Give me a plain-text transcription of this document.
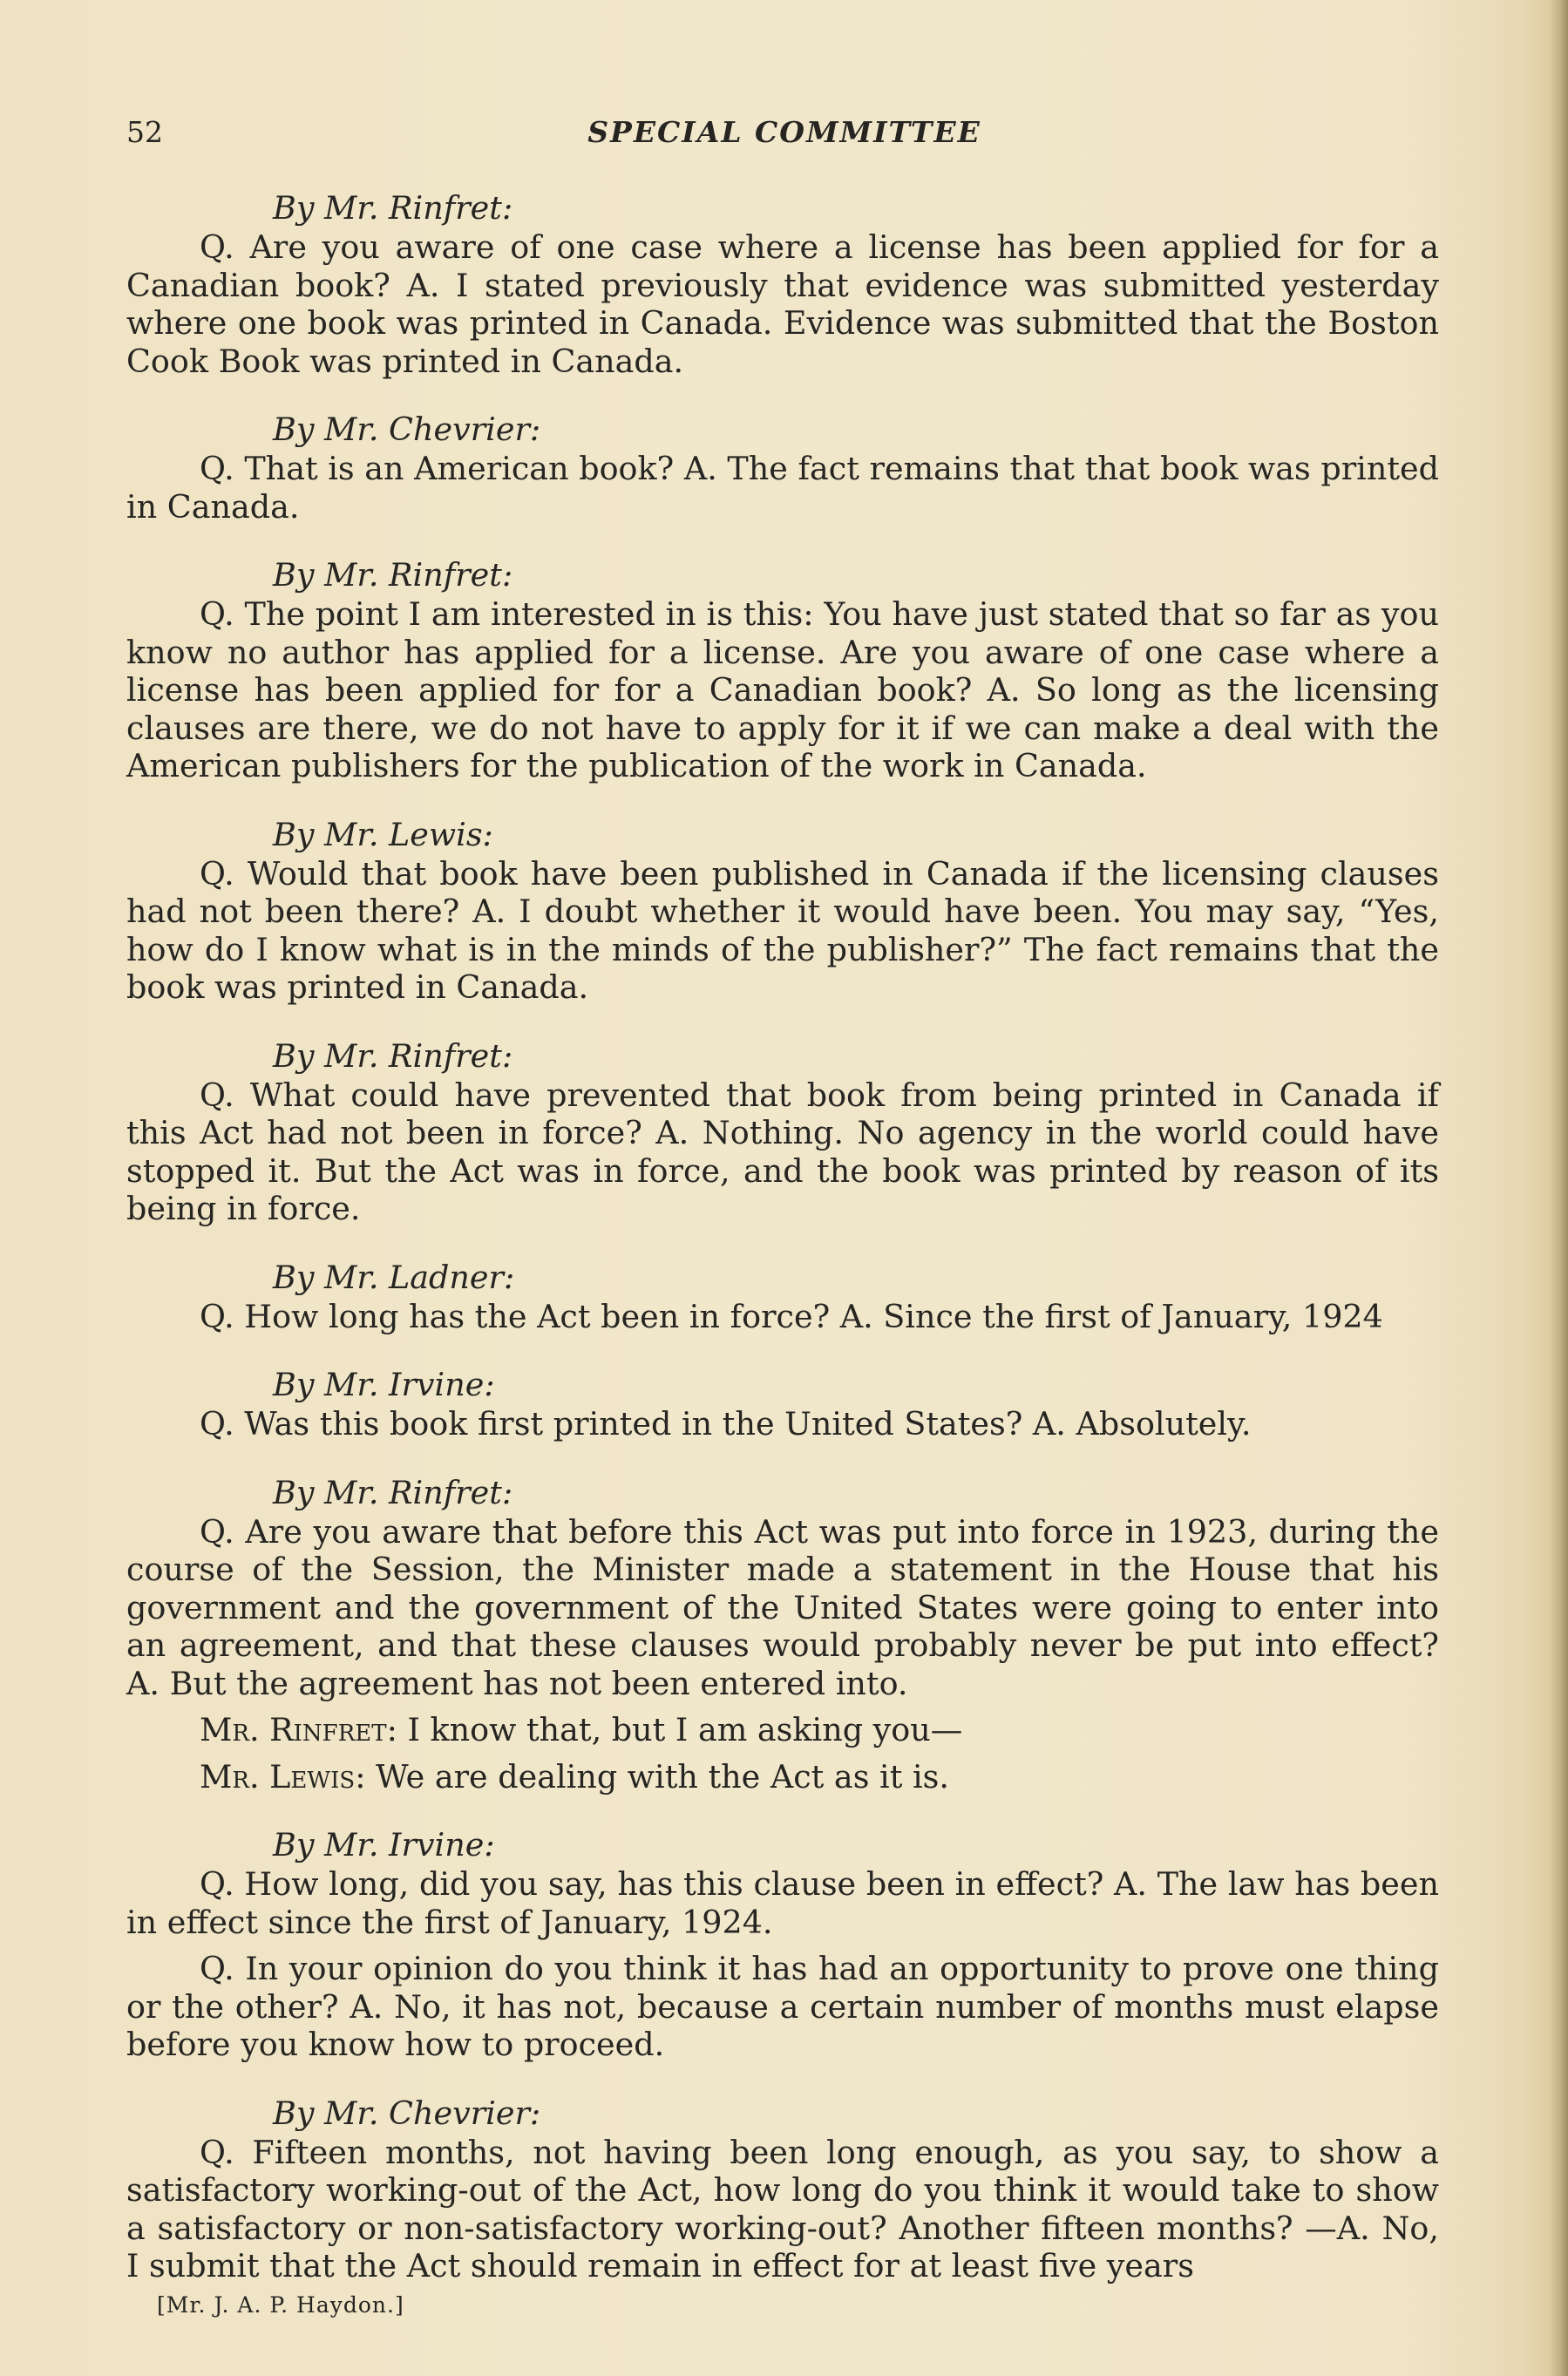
52	SPECIAL COMMITTEE

By Mr. Rinfret:

Q. Are you aware of one case where a license has been applied for for a Canadian book? A. I stated previously that evidence was submitted yesterday where one book was printed in Canada. Evidence was submitted that the Boston Cook Book was printed in Canada.

By Mr. Chevrier:

Q. That is an American book? A. The fact remains that that book was printed in Canada.

By Mr. Rinfret:

Q. The point I am interested in is this: You have just stated that so far as you know no author has applied for a license. Are you aware of one case where a license has been applied for for a Canadian book? A. So long as the licensing clauses are there, we do not have to apply for it if we can make a deal with the American publishers for the publication of the work in Canada.

By Mr. Lewis:

Q. Would that book have been published in Canada if the licensing clauses had not been there? A. I doubt whether it would have been. You may say, “Yes, how do I know what is in the minds of the publisher?” The fact remains that the book was printed in Canada.

By Mr. Rinfret:

Q. What could have prevented that book from being printed in Canada if this Act had not been in force? A. Nothing. No agency in the world could have stopped it. But the Act was in force, and the book was printed by reason of its being in force.

By Mr. Ladner:

Q. How long has the Act been in force? A. Since the first of January, 1924

By Mr. Irvine:

Q. Was this book first printed in the United States? A. Absolutely.

By Mr. Rinfret:

Q. Are you aware that before this Act was put into force in 1923, during the course of the Session, the Minister made a statement in the House that his government and the government of the United States were going to enter into an agreement, and that these clauses would probably never be put into effect? A. But the agreement has not been entered into.

Mr. Rinfret: I know that, but I am asking you—

Mr. Lewis: We are dealing with the Act as it is.

By Mr. Irvine:

Q. How long, did you say, has this clause been in effect? A. The law has been in effect since the first of January, 1924.

Q. In your opinion do you think it has had an opportunity to prove one thing or the other? A. No, it has not, because a certain number of months must elapse before you know how to proceed.

By Mr. Chevrier:

Q. Fifteen months, not having been long enough, as you say, to show a satisfactory working-out of the Act, how long do you think it would take to show a satisfactory or non-satisfactory working-out? Another fifteen months? —A. No, I submit that the Act should remain in effect for at least five years

[Mr. J. A. P. Haydon.]
